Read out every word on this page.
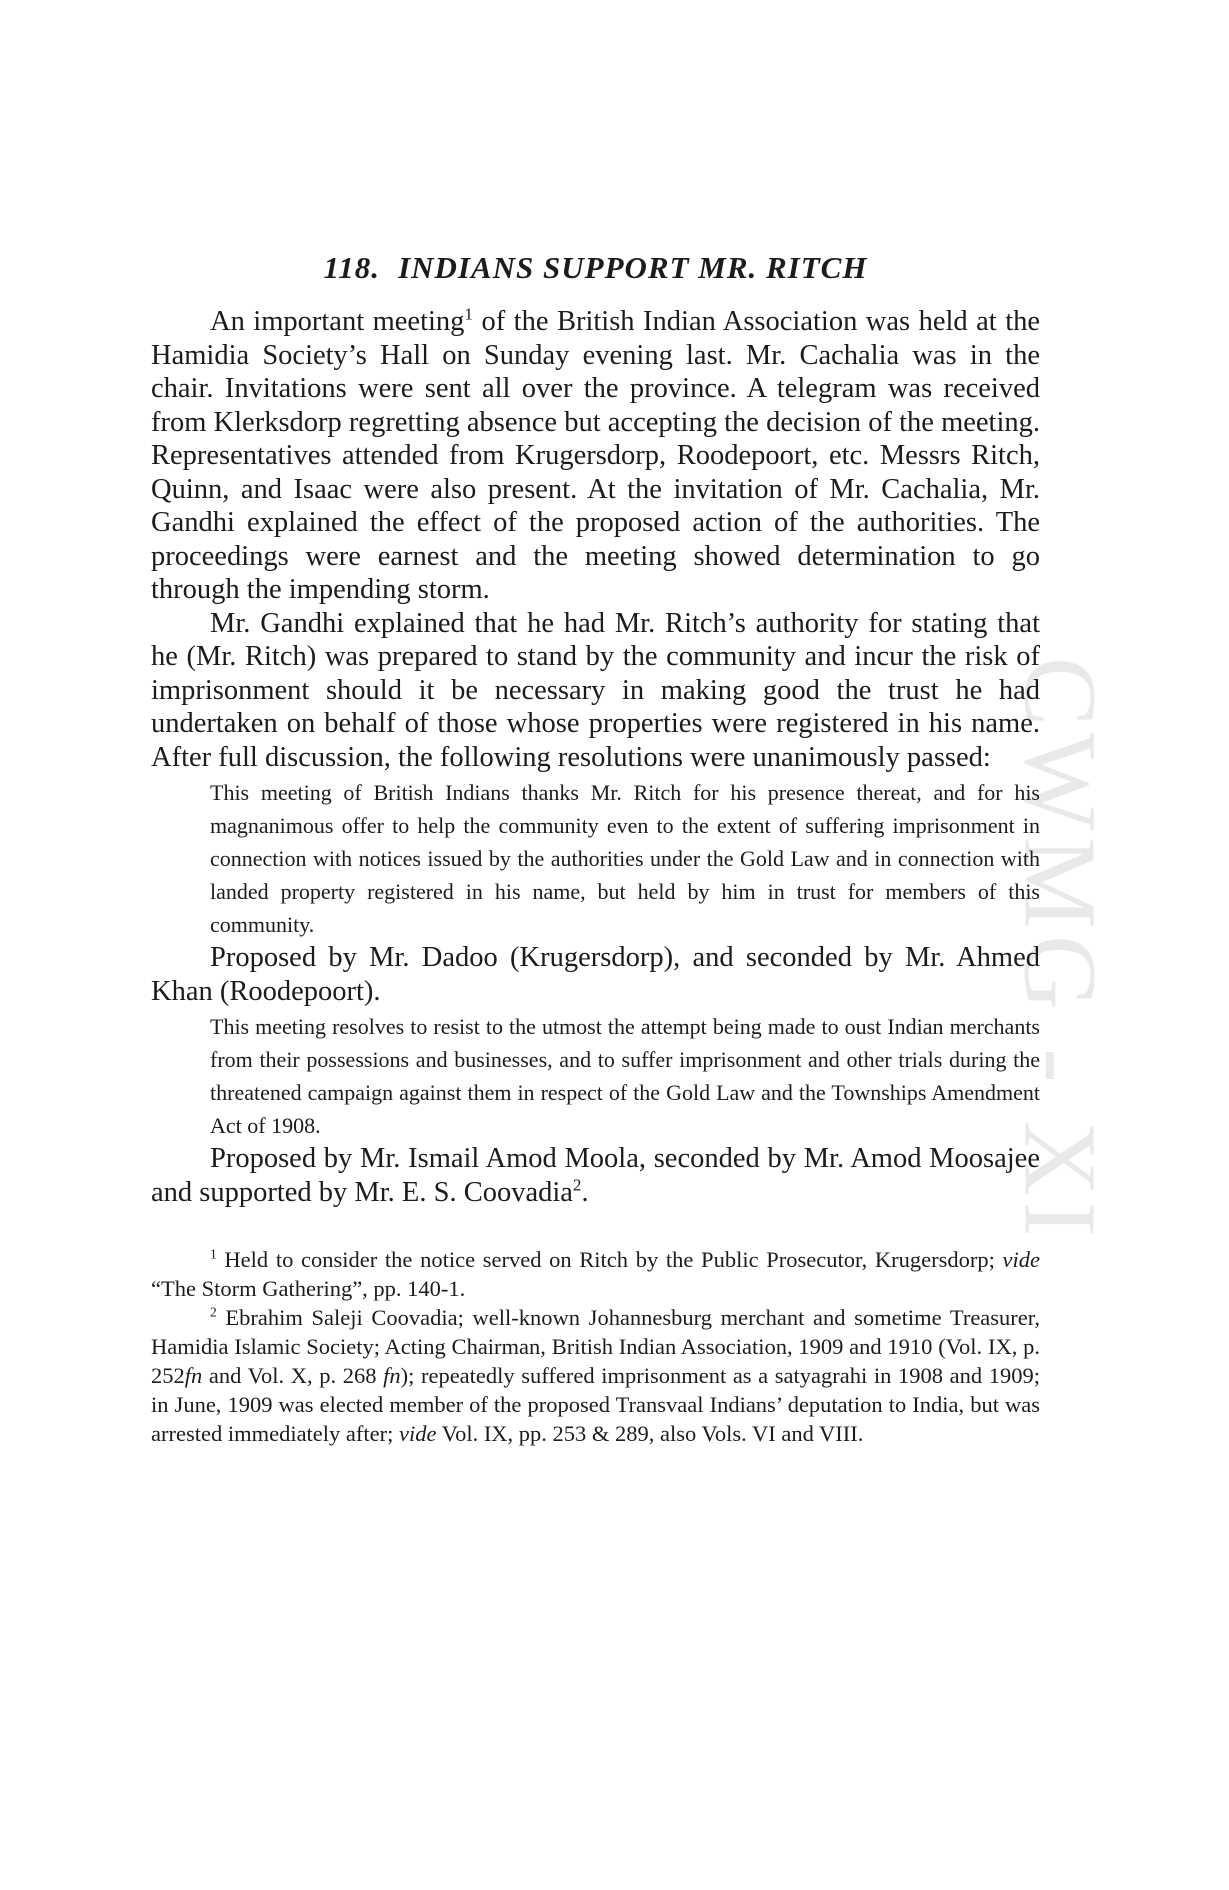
CWMG - XI
118. INDIANS SUPPORT MR. RITCH

An important meeting$^1$ of the British Indian Association was held at the Hamidia Society’s Hall on Sunday evening last. Mr. Cachalia was in the chair. Invitations were sent all over the province. A telegram was received from Klerksdorp regretting absence but accepting the decision of the meeting. Representatives attended from Krugersdorp, Roodepoort, etc. Messrs Ritch, Quinn, and Isaac were also present. At the invitation of Mr. Cachalia, Mr. Gandhi explained the effect of the proposed action of the authorities. The proceedings were earnest and the meeting showed determination to go through the impending storm.

Mr. Gandhi explained that he had Mr. Ritch’s authority for stating that he (Mr. Ritch) was prepared to stand by the community and incur the risk of imprisonment should it be necessary in making good the trust he had undertaken on behalf of those whose properties were registered in his name. After full discussion, the following resolutions were unanimously passed:

This meeting of British Indians thanks Mr. Ritch for his presence thereat, and for his magnanimous offer to help the community even to the extent of suffering imprisonment in connection with notices issued by the authorities under the Gold Law and in connection with landed property registered in his name, but held by him in trust for members of this community.

Proposed by Mr. Dadoo (Krugersdorp), and seconded by Mr. Ahmed Khan (Roodepoort).

This meeting resolves to resist to the utmost the attempt being made to oust Indian merchants from their possessions and businesses, and to suffer imprisonment and other trials during the threatened campaign against them in respect of the Gold Law and the Townships Amendment Act of 1908.

Proposed by Mr. Ismail Amod Moola, seconded by Mr. Amod Moosajee and supported by Mr. E. S. Coovadia$^2$.

$^1$ Held to consider the notice served on Ritch by the Public Prosecutor, Krugersdorp; vide “The Storm Gathering”, pp. 140-1.

$^2$ Ebrahim Saleji Coovadia; well-known Johannesburg merchant and sometime Treasurer, Hamidia Islamic Society; Acting Chairman, British Indian Association, 1909 and 1910 (Vol. IX, p. 252fn and Vol. X, p. 268 fn); repeatedly suffered imprisonment as a satyagrahi in 1908 and 1909; in June, 1909 was elected member of the proposed Transvaal Indians’ deputation to India, but was arrested immediately after; vide Vol. IX, pp. 253 & 289, also Vols. VI and VIII.
